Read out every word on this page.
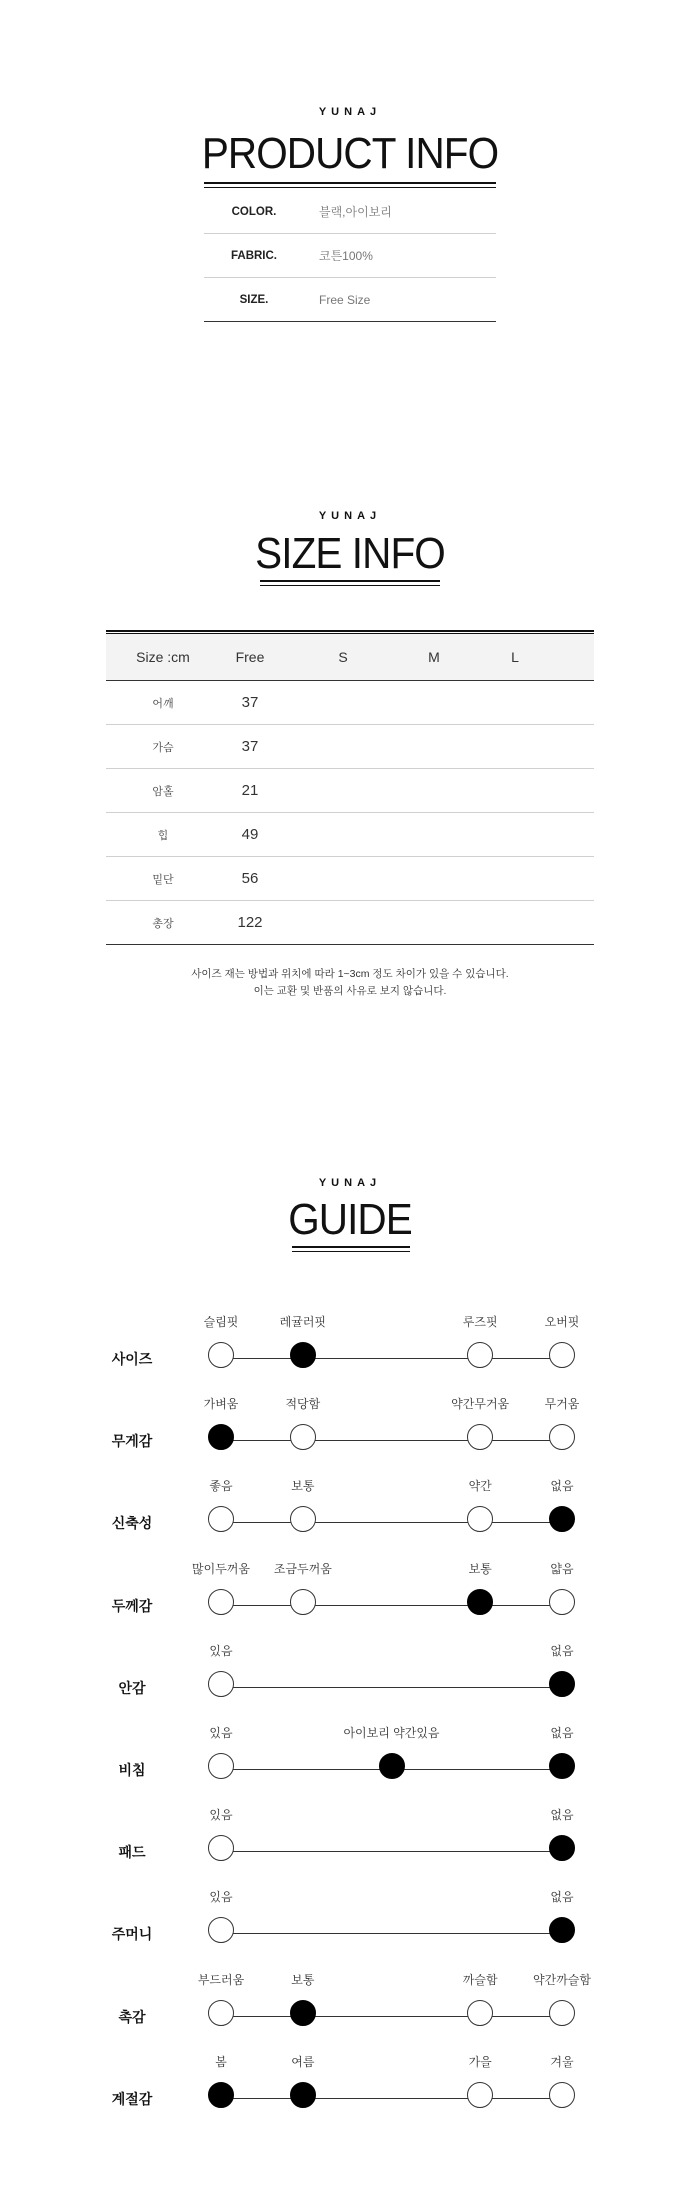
YUNAJ
PRODUCT INFO
COLOR.	블랙,아이보리
FABRIC.	코튼100%
SIZE.	Free Size
YUNAJ
SIZE INFO
Size :cm	Free	S	M	L
어깨	37
가슴	37
암홀	21
힙	49
밑단	56
총장	122
사이즈 재는 방법과 위치에 따라 1~3cm 정도 차이가 있을 수 있습니다.
이는 교환 및 반품의 사유로 보지 않습니다.
YUNAJ
GUIDE
사이즈
슬림핏	레귤러핏	루즈핏	오버핏
무게감
가벼움	적당함	약간무거움	무거움
신축성
좋음	보통	약간	없음
두께감
많이두꺼움	조금두꺼움	보통	얇음
안감
있음	없음
비침
있음	아이보리 약간있음	없음
패드
있음	없음
주머니
있음	없음
촉감
부드러움	보통	까슬함	약간까슬함
계절감
봄	여름	가을	겨울
